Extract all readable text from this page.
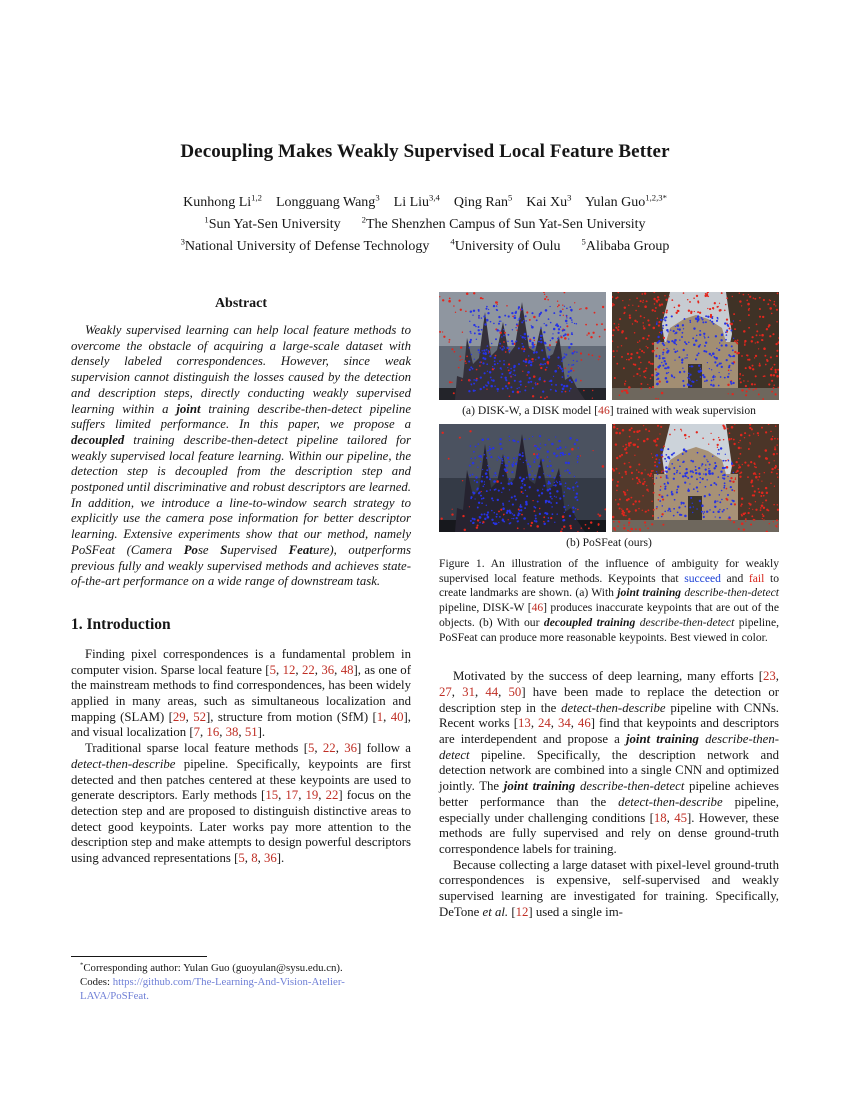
Decoupling Makes Weakly Supervised Local Feature Better
Kunhong Li$^{1,2}$    Longguang Wang$^3$    Li Liu$^{3,4}$    Qing Ran$^5$    Kai Xu$^3$    Yulan Guo$^{1,2,3*}$
$^1$Sun Yat-Sen University      $^2$The Shenzhen Campus of Sun Yat-Sen University
$^3$National University of Defense Technology      $^4$University of Oulu      $^5$Alibaba Group
Abstract

Weakly supervised learning can help local feature methods to overcome the obstacle of acquiring a large-scale dataset with densely labeled correspondences. However, since weak supervision cannot distinguish the losses caused by the detection and description steps, directly conducting weakly supervised learning within a joint training describe-then-detect pipeline suffers limited performance. In this paper, we propose a decoupled training describe-then-detect pipeline tailored for weakly supervised local feature learning. Within our pipeline, the detection step is decoupled from the description step and postponed until discriminative and robust descriptors are learned. In addition, we introduce a line-to-window search strategy to explicitly use the camera pose information for better descriptor learning. Extensive experiments show that our method, namely PoSFeat (Camera Pose Supervised Feature), outperforms previous fully and weakly supervised methods and achieves state-of-the-art performance on a wide range of downstream task.

1. Introduction

Finding pixel correspondences is a fundamental problem in computer vision. Sparse local feature [5, 12, 22, 36, 48], as one of the mainstream methods to find correspondences, has been widely applied in many areas, such as simultaneous localization and mapping (SLAM) [29, 52], structure from motion (SfM) [1, 40], and visual localization [7, 16, 38, 51].

Traditional sparse local feature methods [5, 22, 36] follow a detect-then-describe pipeline. Specifically, keypoints are first detected and then patches centered at these keypoints are used to generate descriptors. Early methods [15, 17, 19, 22] focus on the detection step and are proposed to distinguish distinctive areas to detect good keypoints. Later works pay more attention to the description step and make attempts to design powerful descriptors using advanced representations [5, 8, 36].

(a) DISK-W, a DISK model [46] trained with weak supervision
(b) PoSFeat (ours)
Figure 1. An illustration of the influence of ambiguity for weakly supervised local feature methods. Keypoints that succeed and fail to create landmarks are shown. (a) With joint training describe-then-detect pipeline, DISK-W [46] produces inaccurate keypoints that are out of the objects. (b) With our decoupled training describe-then-detect pipeline, PoSFeat can produce more reasonable keypoints. Best viewed in color.

Motivated by the success of deep learning, many efforts [23, 27, 31, 44, 50] have been made to replace the detection or description step in the detect-then-describe pipeline with CNNs. Recent works [13, 24, 34, 46] find that keypoints and descriptors are interdependent and propose a joint training describe-then-detect pipeline. Specifically, the description network and detection network are combined into a single CNN and optimized jointly. The joint training describe-then-detect pipeline achieves better performance than the detect-then-describe pipeline, especially under challenging conditions [18, 45]. However, these methods are fully supervised and rely on dense ground-truth correspondence labels for training.

Because collecting a large dataset with pixel-level ground-truth correspondences is expensive, self-supervised and weakly supervised learning are investigated for training. Specifically, DeTone et al. [12] used a single im-

*Corresponding author: Yulan Guo (guoyulan@sysu.edu.cn).

Codes: https://github.com/The-Learning-And-Vision-Atelier-LAVA/PoSFeat.
